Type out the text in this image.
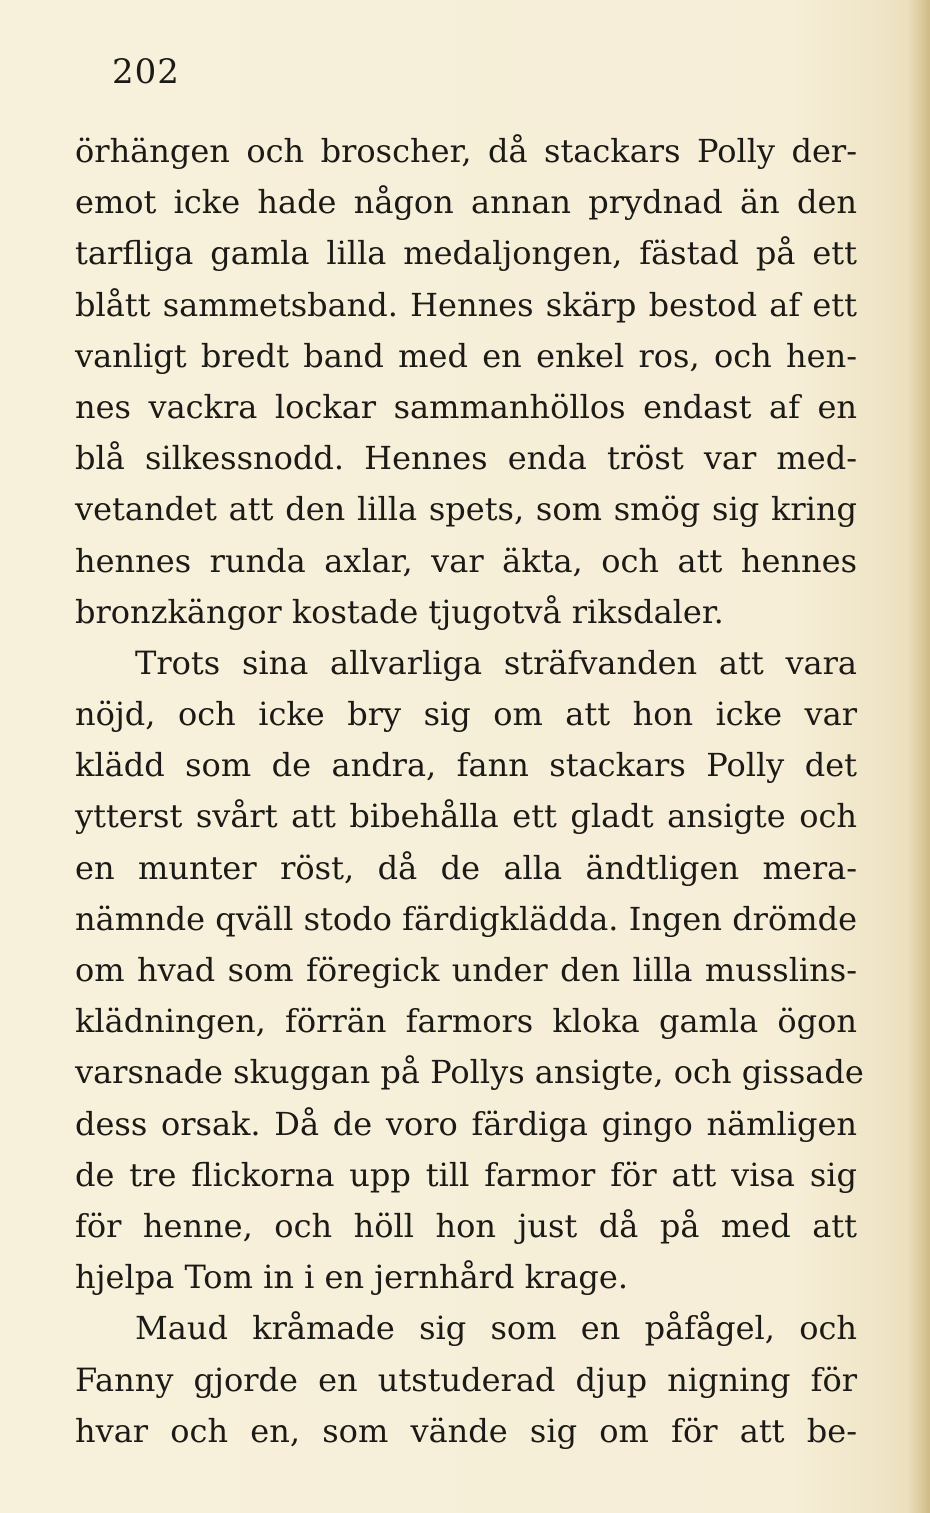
202
örhängen och broscher, då stackars Polly der-
emot icke hade någon annan prydnad än den
tarfliga gamla lilla medaljongen, fästad på ett
blått sammetsband. Hennes skärp bestod af ett
vanligt bredt band med en enkel ros, och hen-
nes vackra lockar sammanhöllos endast af en
blå silkessnodd. Hennes enda tröst var med-
vetandet att den lilla spets, som smög sig kring
hennes runda axlar, var äkta, och att hennes
bronzkängor kostade tjugotvå riksdaler.
Trots sina allvarliga sträfvanden att vara
nöjd, och icke bry sig om att hon icke var
klädd som de andra, fann stackars Polly det
ytterst svårt att bibehålla ett gladt ansigte och
en munter röst, då de alla ändtligen mera-
nämnde qväll stodo färdigklädda. Ingen drömde
om hvad som föregick under den lilla musslins-
klädningen, förrän farmors kloka gamla ögon
varsnade skuggan på Pollys ansigte, och gissade
dess orsak. Då de voro färdiga gingo nämligen
de tre flickorna upp till farmor för att visa sig
för henne, och höll hon just då på med att
hjelpa Tom in i en jernhård krage.
Maud kråmade sig som en påfågel, och
Fanny gjorde en utstuderad djup nigning för
hvar och en, som vände sig om för att be-
